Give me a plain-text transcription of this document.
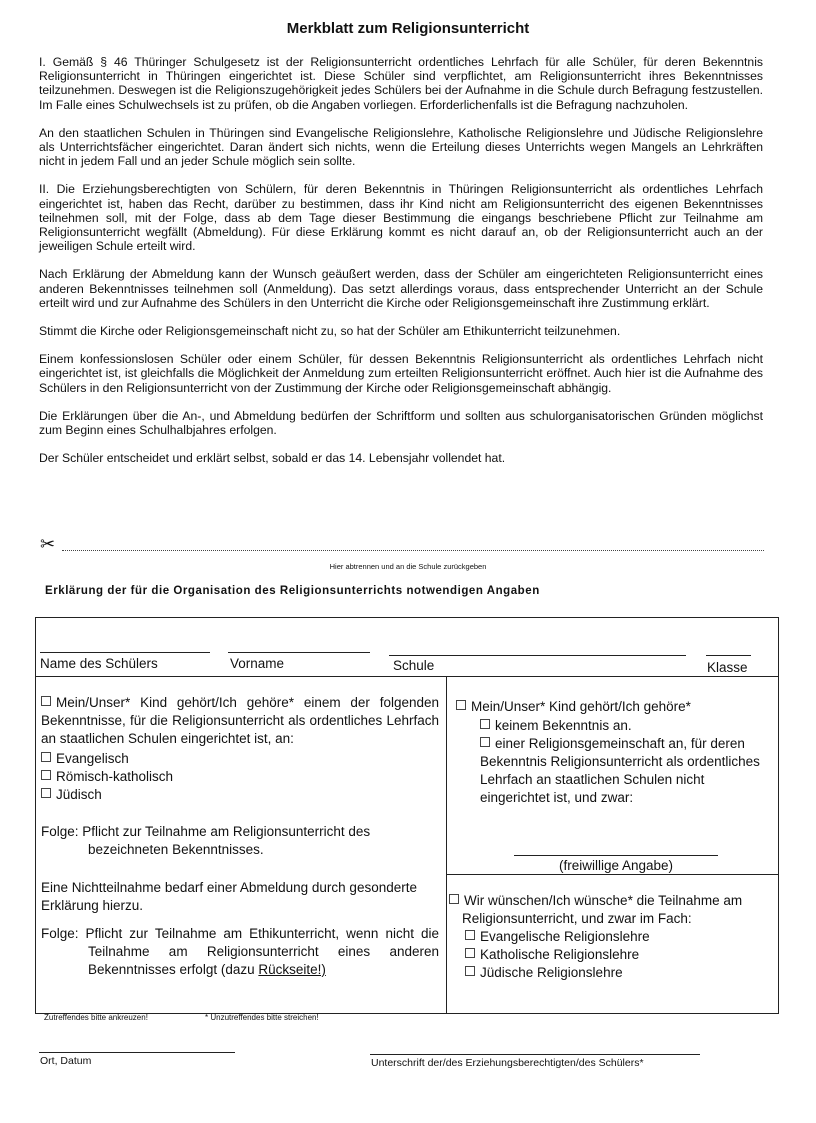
Merkblatt zum Religionsunterricht

I. Gemäß § 46 Thüringer Schulgesetz ist der Religionsunterricht ordentliches Lehrfach für alle Schüler, für deren Bekenntnis Religionsunterricht in Thüringen eingerichtet ist. Diese Schüler sind verpflichtet, am Religionsunterricht ihres Bekenntnisses teilzunehmen. Deswegen ist die Religionszugehörigkeit jedes Schülers bei der Aufnahme in die Schule durch Befragung festzustellen. Im Falle eines Schulwechsels ist zu prüfen, ob die Angaben vorliegen. Erforderlichenfalls ist die Befragung nachzuholen.

An den staatlichen Schulen in Thüringen sind Evangelische Religionslehre, Katholische Religionslehre und Jüdische Religionslehre als Unterrichtsfächer eingerichtet. Daran ändert sich nichts, wenn die Erteilung dieses Unterrichts wegen Mangels an Lehrkräften nicht in jedem Fall und an jeder Schule möglich sein sollte.

II. Die Erziehungsberechtigten von Schülern, für deren Bekenntnis in Thüringen Religionsunterricht als ordentliches Lehrfach eingerichtet ist, haben das Recht, darüber zu bestimmen, dass ihr Kind nicht am Religionsunterricht des eigenen Bekenntnisses teilnehmen soll, mit der Folge, dass ab dem Tage dieser Bestimmung die eingangs beschriebene Pflicht zur Teilnahme am Religionsunterricht wegfällt (Abmeldung). Für diese Erklärung kommt es nicht darauf an, ob der Religionsunterricht auch an der jeweiligen Schule erteilt wird.

Nach Erklärung der Abmeldung kann der Wunsch geäußert werden, dass der Schüler am eingerichteten Religionsunterricht eines anderen Bekenntnisses teilnehmen soll (Anmeldung). Das setzt allerdings voraus, dass entsprechender Unterricht an der Schule erteilt wird und zur Aufnahme des Schülers in den Unterricht die Kirche oder Religionsgemeinschaft ihre Zustimmung erklärt.

Stimmt die Kirche oder Religionsgemeinschaft nicht zu, so hat der Schüler am Ethikunterricht teilzunehmen.

Einem konfessionslosen Schüler oder einem Schüler, für dessen Bekenntnis Religionsunterricht als ordentliches Lehrfach nicht eingerichtet ist, ist gleichfalls die Möglichkeit der Anmeldung zum erteilten Religionsunterricht eröffnet. Auch hier ist die Aufnahme des Schülers in den Religionsunterricht von der Zustimmung der Kirche oder Religionsgemeinschaft abhängig.

Die Erklärungen über die An-, und Abmeldung bedürfen der Schriftform und sollten aus schulorganisatorischen Gründen möglichst zum Beginn eines Schulhalbjahres erfolgen.

Der Schüler entscheidet und erklärt selbst, sobald er das 14. Lebensjahr vollendet hat.

✂
Hier abtrennen und an die Schule zurückgeben
Erklärung der für die Organisation des Religionsunterrichts notwendigen Angaben
Name des Schülers	Vorname	Schule	Klasse

Mein/Unser* Kind gehört/Ich gehöre* einem der folgenden Bekenntnisse, für die Religionsunterricht als ordentliches Lehrfach an staatlichen Schulen eingerichtet ist, an:

Evangelisch

Römisch-katholisch

Jüdisch

Folge: Pflicht zur Teilnahme am Religionsunterricht des bezeichneten Bekenntnisses.

Eine Nichtteilnahme bedarf einer Abmeldung durch gesonderte Erklärung hierzu.

Folge: Pflicht zur Teilnahme am Ethikunterricht, wenn nicht die Teilnahme am Religionsunterricht eines anderen Bekenntnisses erfolgt (dazu Rückseite!)

Mein/Unser* Kind gehört/Ich gehöre*

keinem Bekenntnis an.

einer Religionsgemeinschaft an, für deren Bekenntnis Religionsunterricht als ordentliches Lehrfach an staatlichen Schulen nicht eingerichtet ist, und zwar:

(freiwillige Angabe)

Wir wünschen/Ich wünsche* die Teilnahme am Religionsunterricht, und zwar im Fach:

Evangelische Religionslehre

Katholische Religionslehre

Jüdische Religionslehre

Zutreffendes bitte ankreuzen!	* Unzutreffendes bitte streichen!
Ort, Datum	Unterschrift der/des Erziehungsberechtigten/des Schülers*
